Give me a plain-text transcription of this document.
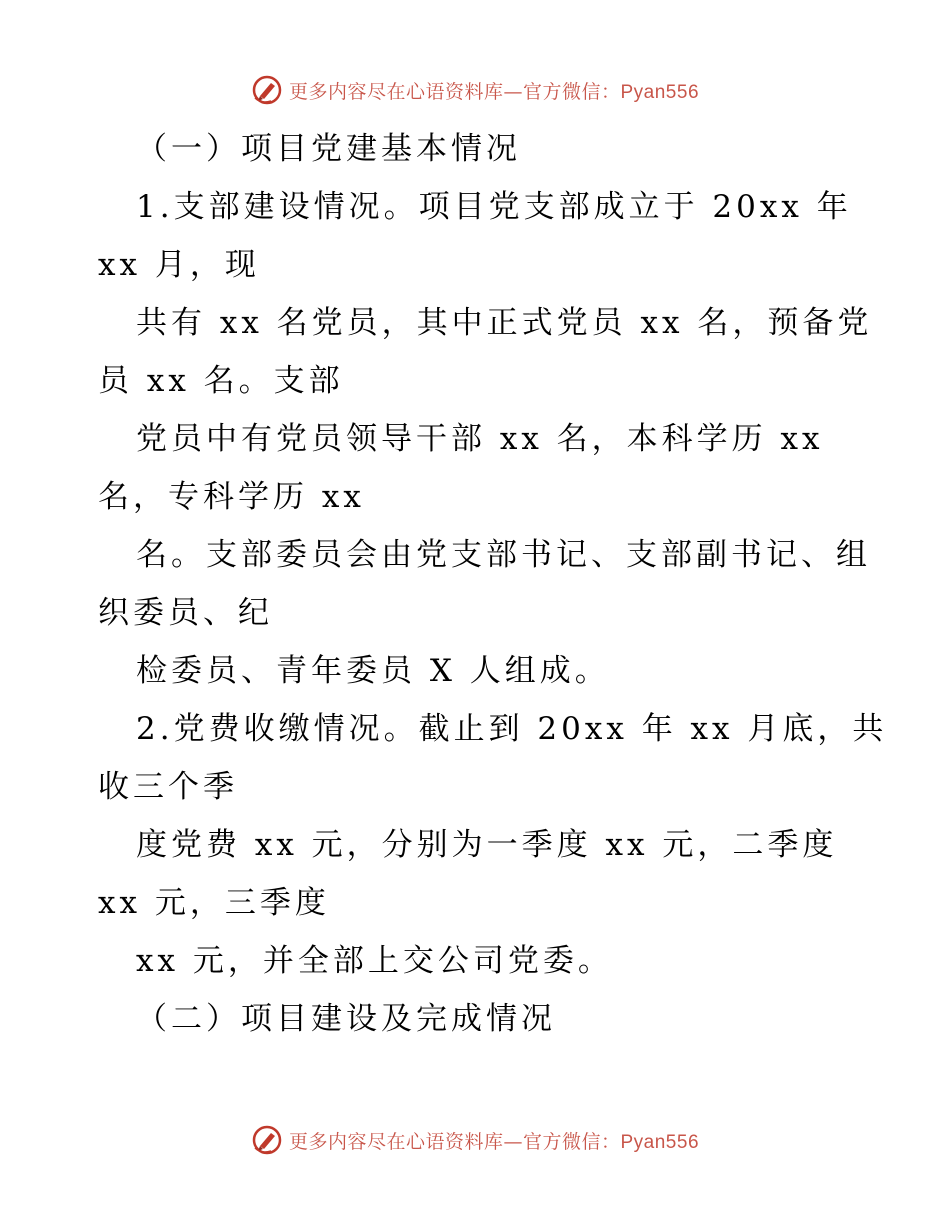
更多内容尽在心语资料库—官方微信：Pyan556
（一）项目党建基本情况
1.支部建设情况。项目党支部成立于 20xx 年
xx 月，现
共有 xx 名党员，其中正式党员 xx 名，预备党
员 xx 名。支部
党员中有党员领导干部 xx 名，本科学历 xx
名，专科学历 xx
名。支部委员会由党支部书记、支部副书记、组
织委员、纪
检委员、青年委员 X 人组成。
2.党费收缴情况。截止到 20xx 年 xx 月底，共
收三个季
度党费 xx 元，分别为一季度 xx 元，二季度
xx 元，三季度
xx 元，并全部上交公司党委。
（二）项目建设及完成情况
更多内容尽在心语资料库—官方微信：Pyan556
